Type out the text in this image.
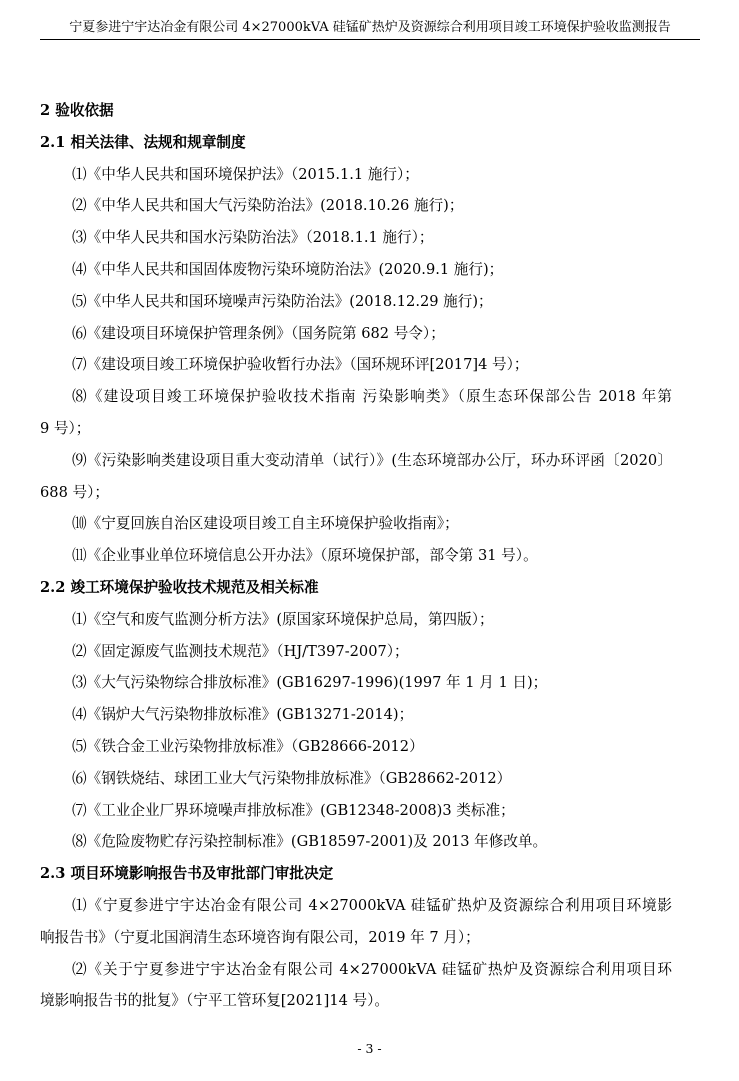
宁夏参进宁宇达冶金有限公司 4×27000kVA 硅锰矿热炉及资源综合利用项目竣工环境保护验收监测报告
2 验收依据
2.1 相关法律、法规和规章制度
⑴《中华人民共和国环境保护法》（2015.1.1 施行）；
⑵《中华人民共和国大气污染防治法》(2018.10.26 施行)；
⑶《中华人民共和国水污染防治法》（2018.1.1 施行）；
⑷《中华人民共和国固体废物污染环境防治法》(2020.9.1 施行)；
⑸《中华人民共和国环境噪声污染防治法》(2018.12.29 施行)；
⑹《建设项目环境保护管理条例》（国务院第 682 号令）；
⑺《建设项目竣工环境保护验收暂行办法》（国环规环评[2017]4 号）；
⑻《建设项目竣工环境保护验收技术指南 污染影响类》（原生态环保部公告 2018 年第
9 号）；
⑼《污染影响类建设项目重大变动清单（试行）》(生态环境部办公厅，环办环评函〔2020〕
688 号）；
⑽《宁夏回族自治区建设项目竣工自主环境保护验收指南》；
⑾《企业事业单位环境信息公开办法》（原环境保护部，部令第 31 号）。
2.2 竣工环境保护验收技术规范及相关标准
⑴《空气和废气监测分析方法》(原国家环境保护总局，第四版）；
⑵《固定源废气监测技术规范》（HJ/T397-2007）；
⑶《大气污染物综合排放标准》(GB16297-1996)(1997 年 1 月 1 日)；
⑷《锅炉大气污染物排放标准》(GB13271-2014)；
⑸《铁合金工业污染物排放标准》（GB28666-2012）
⑹《钢铁烧结、球团工业大气污染物排放标准》（GB28662-2012）
⑺《工业企业厂界环境噪声排放标准》(GB12348-2008)3 类标准；
⑻《危险废物贮存污染控制标准》(GB18597-2001)及 2013 年修改单。
2.3 项目环境影响报告书及审批部门审批决定
⑴《宁夏参进宁宇达冶金有限公司 4×27000kVA 硅锰矿热炉及资源综合利用项目环境影
响报告书》（宁夏北国润清生态环境咨询有限公司，2019 年 7 月）；
⑵《关于宁夏参进宁宇达冶金有限公司 4×27000kVA 硅锰矿热炉及资源综合利用项目环
境影响报告书的批复》（宁平工管环复[2021]14 号）。
- 3 -
